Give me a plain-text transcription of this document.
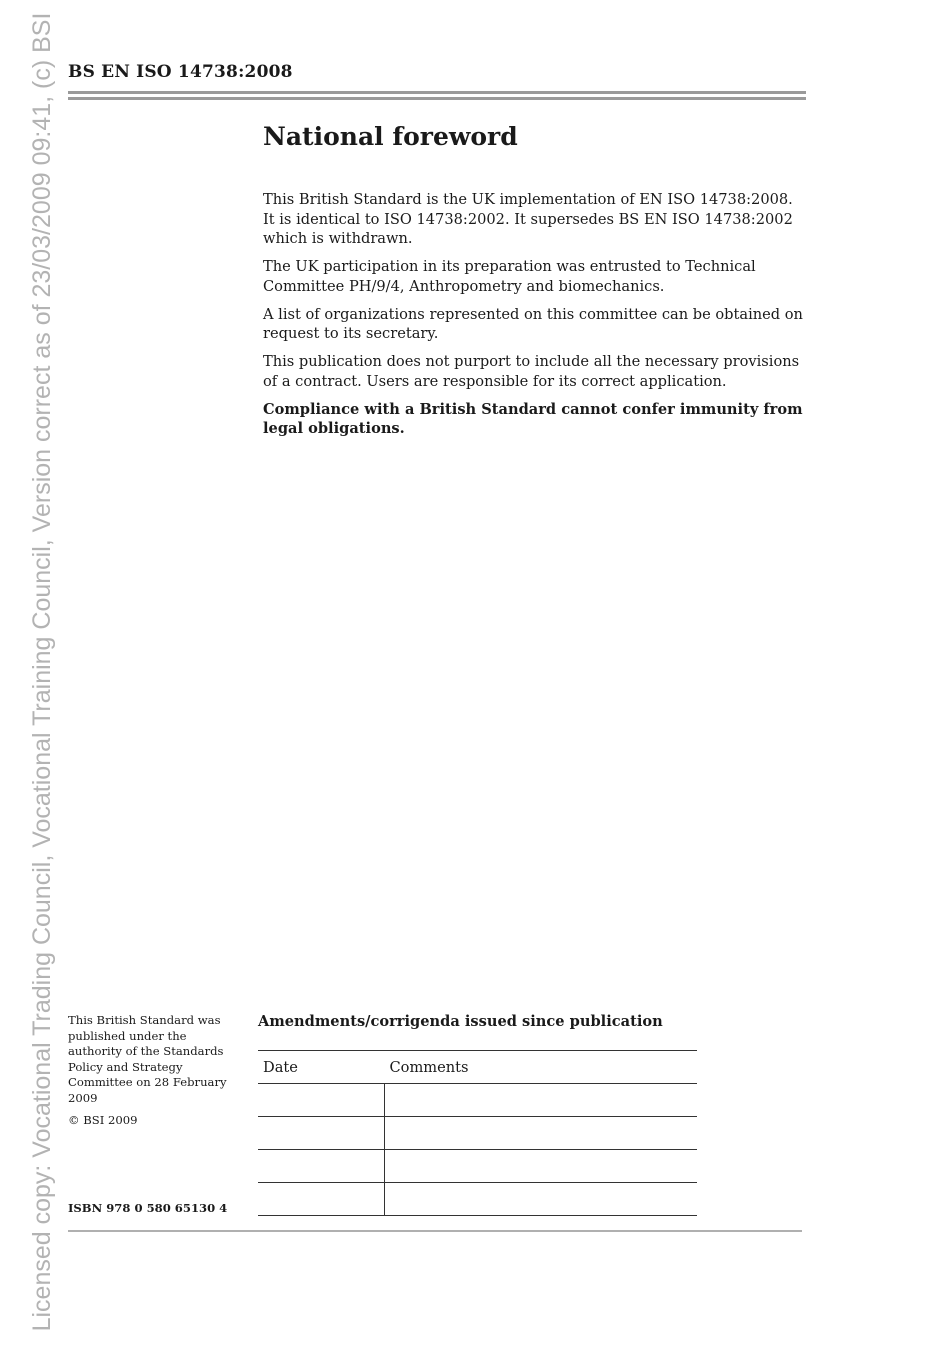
Licensed copy: Vocational Trading Council, Vocational Training Council, Version correct as of 23/03/2009 09:41, (c) BSI BS EN ISO 14738:2008
National foreword

This British Standard is the UK implementation of EN ISO 14738:2008. It is identical to ISO 14738:2002. It supersedes BS EN ISO 14738:2002 which is withdrawn.

The UK participation in its preparation was entrusted to Technical Committee PH/9/4, Anthropometry and biomechanics.

A list of organizations represented on this committee can be obtained on request to its secretary.

This publication does not purport to include all the necessary provisions of a contract. Users are responsible for its correct application.

Compliance with a British Standard cannot confer immunity from legal obligations.

This British Standard was published under the authority of the Standards Policy and Strategy Committee on 28 February 2009
© BSI 2009
ISBN 978 0 580 65130 4
Amendments/corrigenda issued since publication
Date	Comments
